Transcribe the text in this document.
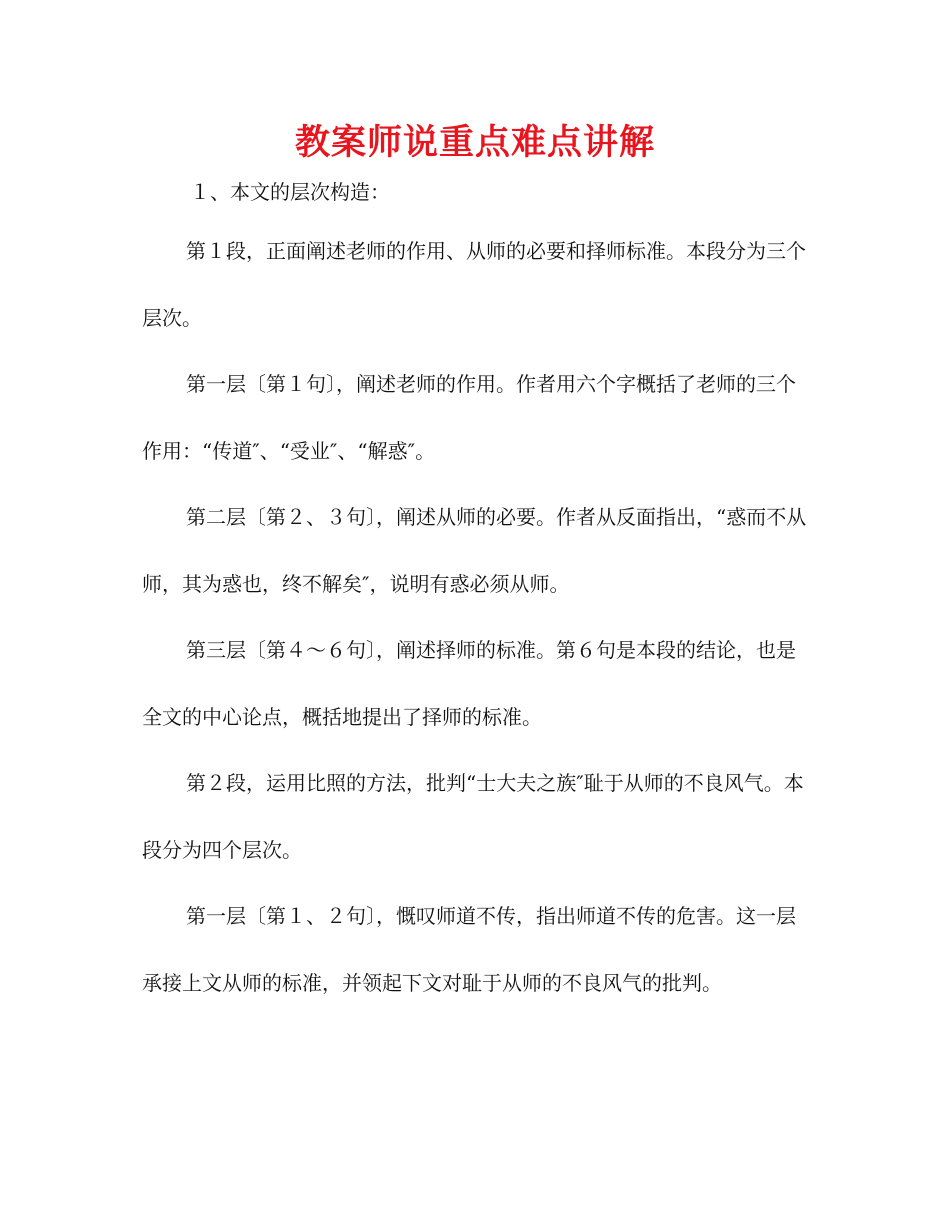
教案师说重点难点讲解
１、本文的层次构造：

第１段，正面阐述老师的作用、从师的必要和择师标准。本段分为三个层次。

第一层〔第１句〕，阐述老师的作用。作者用六个字概括了老师的三个作用：“传道″、“受业″、“解惑″。

第二层〔第２、３句〕，阐述从师的必要。作者从反面指出，“惑而不从师，其为惑也，终不解矣″，说明有惑必须从师。

第三层〔第４～６句〕，阐述择师的标准。第６句是本段的结论，也是全文的中心论点，概括地提出了择师的标准。

第２段，运用比照的方法，批判“士大夫之族″耻于从师的不良风气。本段分为四个层次。

第一层〔第１、２句〕，慨叹师道不传，指出师道不传的危害。这一层承接上文从师的标准，并领起下文对耻于从师的不良风气的批判。
